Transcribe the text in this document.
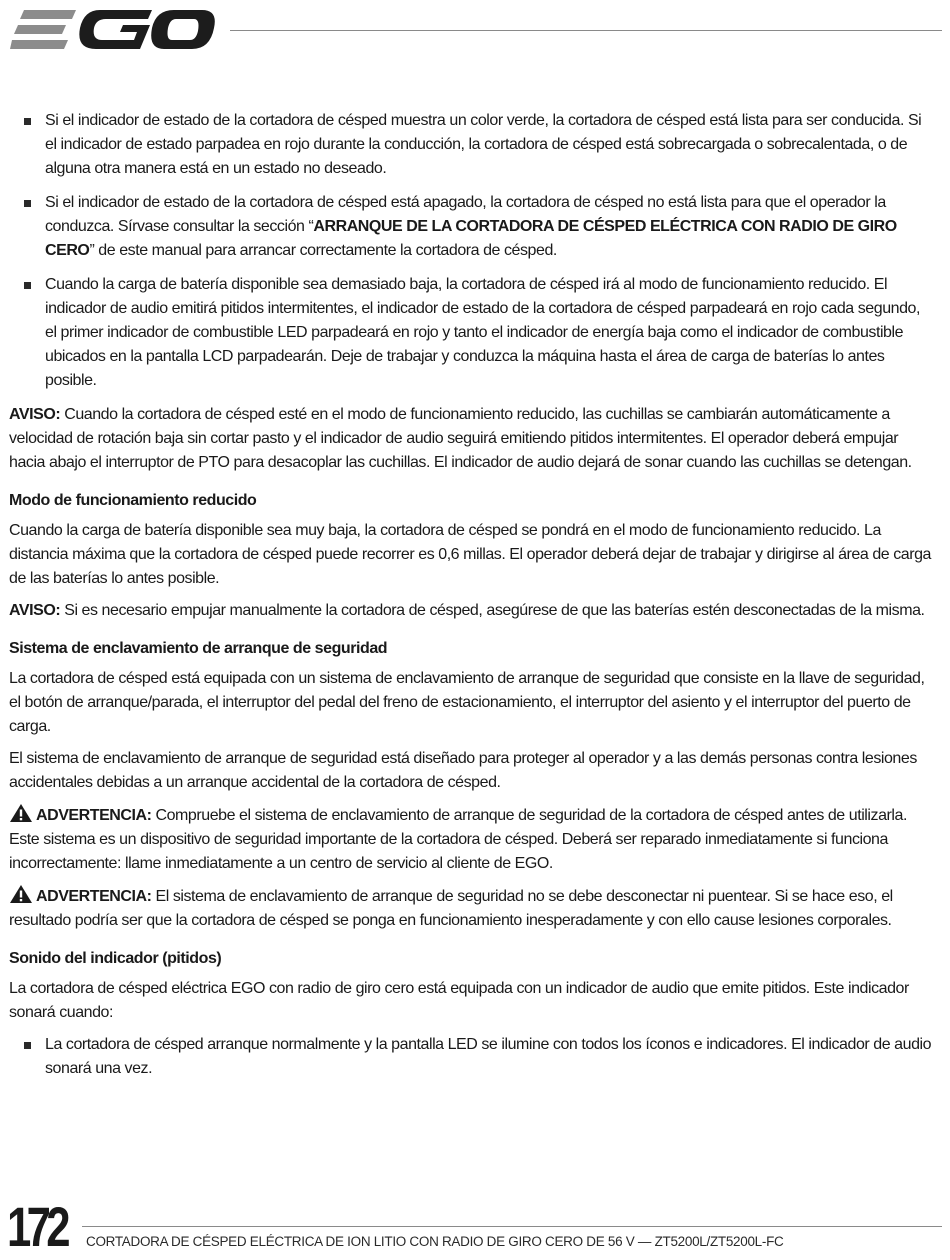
Si el indicador de estado de la cortadora de césped muestra un color verde, la cortadora de césped está lista para ser conducida. Si el indicador de estado parpadea en rojo durante la conducción, la cortadora de césped está sobrecargada o sobrecalentada, o de alguna otra manera está en un estado no deseado.
Si el indicador de estado de la cortadora de césped está apagado, la cortadora de césped no está lista para que el operador la conduzca. Sírvase consultar la sección “ARRANQUE DE LA CORTADORA DE CÉSPED ELÉCTRICA CON RADIO DE GIRO CERO” de este manual para arrancar correctamente la cortadora de césped.
Cuando la carga de batería disponible sea demasiado baja, la cortadora de césped irá al modo de funcionamiento reducido. El indicador de audio emitirá pitidos intermitentes, el indicador de estado de la cortadora de césped parpadeará en rojo cada segundo, el primer indicador de combustible LED parpadeará en rojo y tanto el indicador de energía baja como el indicador de combustible ubicados en la pantalla LCD parpadearán. Deje de trabajar y conduzca la máquina hasta el área de carga de baterías lo antes posible.

AVISO: Cuando la cortadora de césped esté en el modo de funcionamiento reducido, las cuchillas se cambiarán automáticamente a velocidad de rotación baja sin cortar pasto y el indicador de audio seguirá emitiendo pitidos intermitentes. El operador deberá empujar hacia abajo el interruptor de PTO para desacoplar las cuchillas. El indicador de audio dejará de sonar cuando las cuchillas se detengan.

Modo de funcionamiento reducido

Cuando la carga de batería disponible sea muy baja, la cortadora de césped se pondrá en el modo de funcionamiento reducido. La distancia máxima que la cortadora de césped puede recorrer es 0,6 millas. El operador deberá dejar de trabajar y dirigirse al área de carga de las baterías lo antes posible.

AVISO: Si es necesario empujar manualmente la cortadora de césped, asegúrese de que las baterías estén desconectadas de la misma.

Sistema de enclavamiento de arranque de seguridad

La cortadora de césped está equipada con un sistema de enclavamiento de arranque de seguridad que consiste en la llave de seguridad, el botón de arranque/parada, el interruptor del pedal del freno de estacionamiento, el interruptor del asiento y el interruptor del puerto de carga.

El sistema de enclavamiento de arranque de seguridad está diseñado para proteger al operador y a las demás personas contra lesiones accidentales debidas a un arranque accidental de la cortadora de césped.

ADVERTENCIA: Compruebe el sistema de enclavamiento de arranque de seguridad de la cortadora de césped antes de utilizarla. Este sistema es un dispositivo de seguridad importante de la cortadora de césped. Deberá ser reparado inmediatamente si funciona incorrectamente: llame inmediatamente a un centro de servicio al cliente de EGO.

ADVERTENCIA: El sistema de enclavamiento de arranque de seguridad no se debe desconectar ni puentear. Si se hace eso, el resultado podría ser que la cortadora de césped se ponga en funcionamiento inesperadamente y con ello cause lesiones corporales.

Sonido del indicador (pitidos)

La cortadora de césped eléctrica EGO con radio de giro cero está equipada con un indicador de audio que emite pitidos. Este indicador sonará cuando:

La cortadora de césped arranque normalmente y la pantalla LED se ilumine con todos los íconos e indicadores. El indicador de audio sonará una vez.
172 CORTADORA DE CÉSPED ELÉCTRICA DE ION LITIO CON RADIO DE GIRO CERO DE 56 V — ZT5200L/ZT5200L-FC
